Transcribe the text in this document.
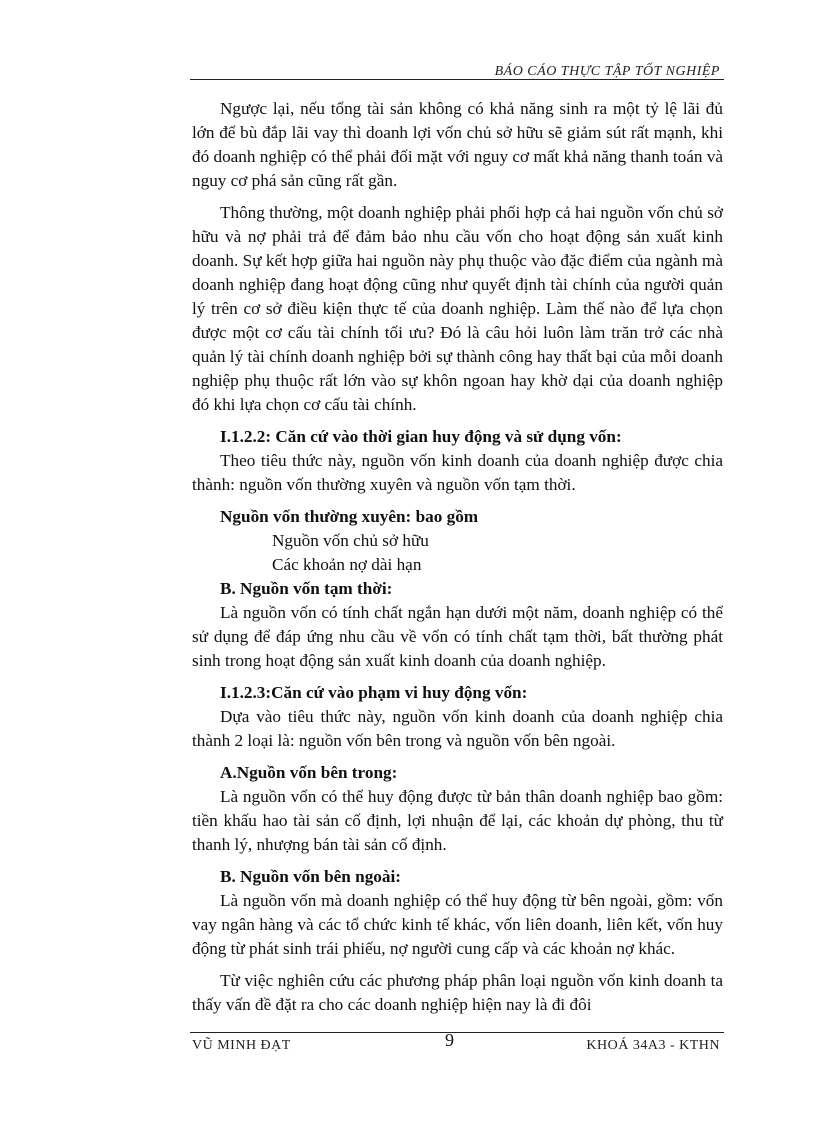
BÁO CÁO THỰC TẬP TỐT NGHIỆP

Ngược lại, nếu tổng tài sản không có khả năng sinh ra một tỷ lệ lãi đủ lớn để bù đắp lãi vay thì doanh lợi vốn chủ sở hữu sẽ giảm sút rất mạnh, khi đó doanh nghiệp có thể phải đối mặt với nguy cơ mất khả năng thanh toán và nguy cơ phá sản cũng rất gần.

Thông thường, một doanh nghiệp phải phối hợp cả hai nguồn vốn chủ sở hữu và nợ phải trả để đảm bảo nhu cầu vốn cho hoạt động sản xuất kinh doanh. Sự kết hợp giữa hai nguồn này phụ thuộc vào đặc điểm của ngành mà doanh nghiệp đang hoạt động cũng như quyết định tài chính của người quản lý trên cơ sở điều kiện thực tế của doanh nghiệp. Làm thế nào để lựa chọn được một cơ cấu tài chính tối ưu? Đó là câu hỏi luôn làm trăn trở các nhà quản lý tài chính doanh nghiệp bởi sự thành công hay thất bại của mỗi doanh nghiệp phụ thuộc rất lớn vào sự khôn ngoan hay khờ dại của doanh nghiệp đó khi lựa chọn cơ cấu tài chính.

I.1.2.2: Căn cứ vào thời gian huy động và sử dụng vốn:

Theo tiêu thức này, nguồn vốn kinh doanh của doanh nghiệp được chia thành: nguồn vốn thường xuyên và nguồn vốn tạm thời.

Nguồn vốn thường xuyên: bao gồm

Nguồn vốn chủ sở hữu

Các khoản nợ dài hạn

B. Nguồn vốn tạm thời:

Là nguồn vốn có tính chất ngắn hạn dưới một năm, doanh nghiệp có thể sử dụng để đáp ứng nhu cầu về vốn có tính chất tạm thời, bất thường phát sinh trong hoạt động sản xuất kinh doanh của doanh nghiệp.

I.1.2.3:Căn cứ vào phạm vi huy động vốn:

Dựa vào tiêu thức này, nguồn vốn kinh doanh của doanh nghiệp chia thành 2 loại là: nguồn vốn bên trong và nguồn vốn bên ngoài.

A.Nguồn vốn bên trong:

Là nguồn vốn có thể huy động được từ bản thân doanh nghiệp bao gồm: tiền khấu hao tài sản cố định, lợi nhuận để lại, các khoản dự phòng, thu từ thanh lý, nhượng bán tài sản cố định.

B. Nguồn vốn bên ngoài:

Là nguồn vốn mà doanh nghiệp có thể huy động từ bên ngoài, gồm: vốn vay ngân hàng và các tổ chức kinh tế khác, vốn liên doanh, liên kết, vốn huy động từ phát sinh trái phiếu, nợ người cung cấp và các khoản nợ khác.

Từ việc nghiên cứu các phương pháp phân loại nguồn vốn kinh doanh ta thấy vấn đề đặt ra cho các doanh nghiệp hiện nay là đi đôi

VŨ MINH ĐẠT	9	KHOÁ 34A3 - KTHN
